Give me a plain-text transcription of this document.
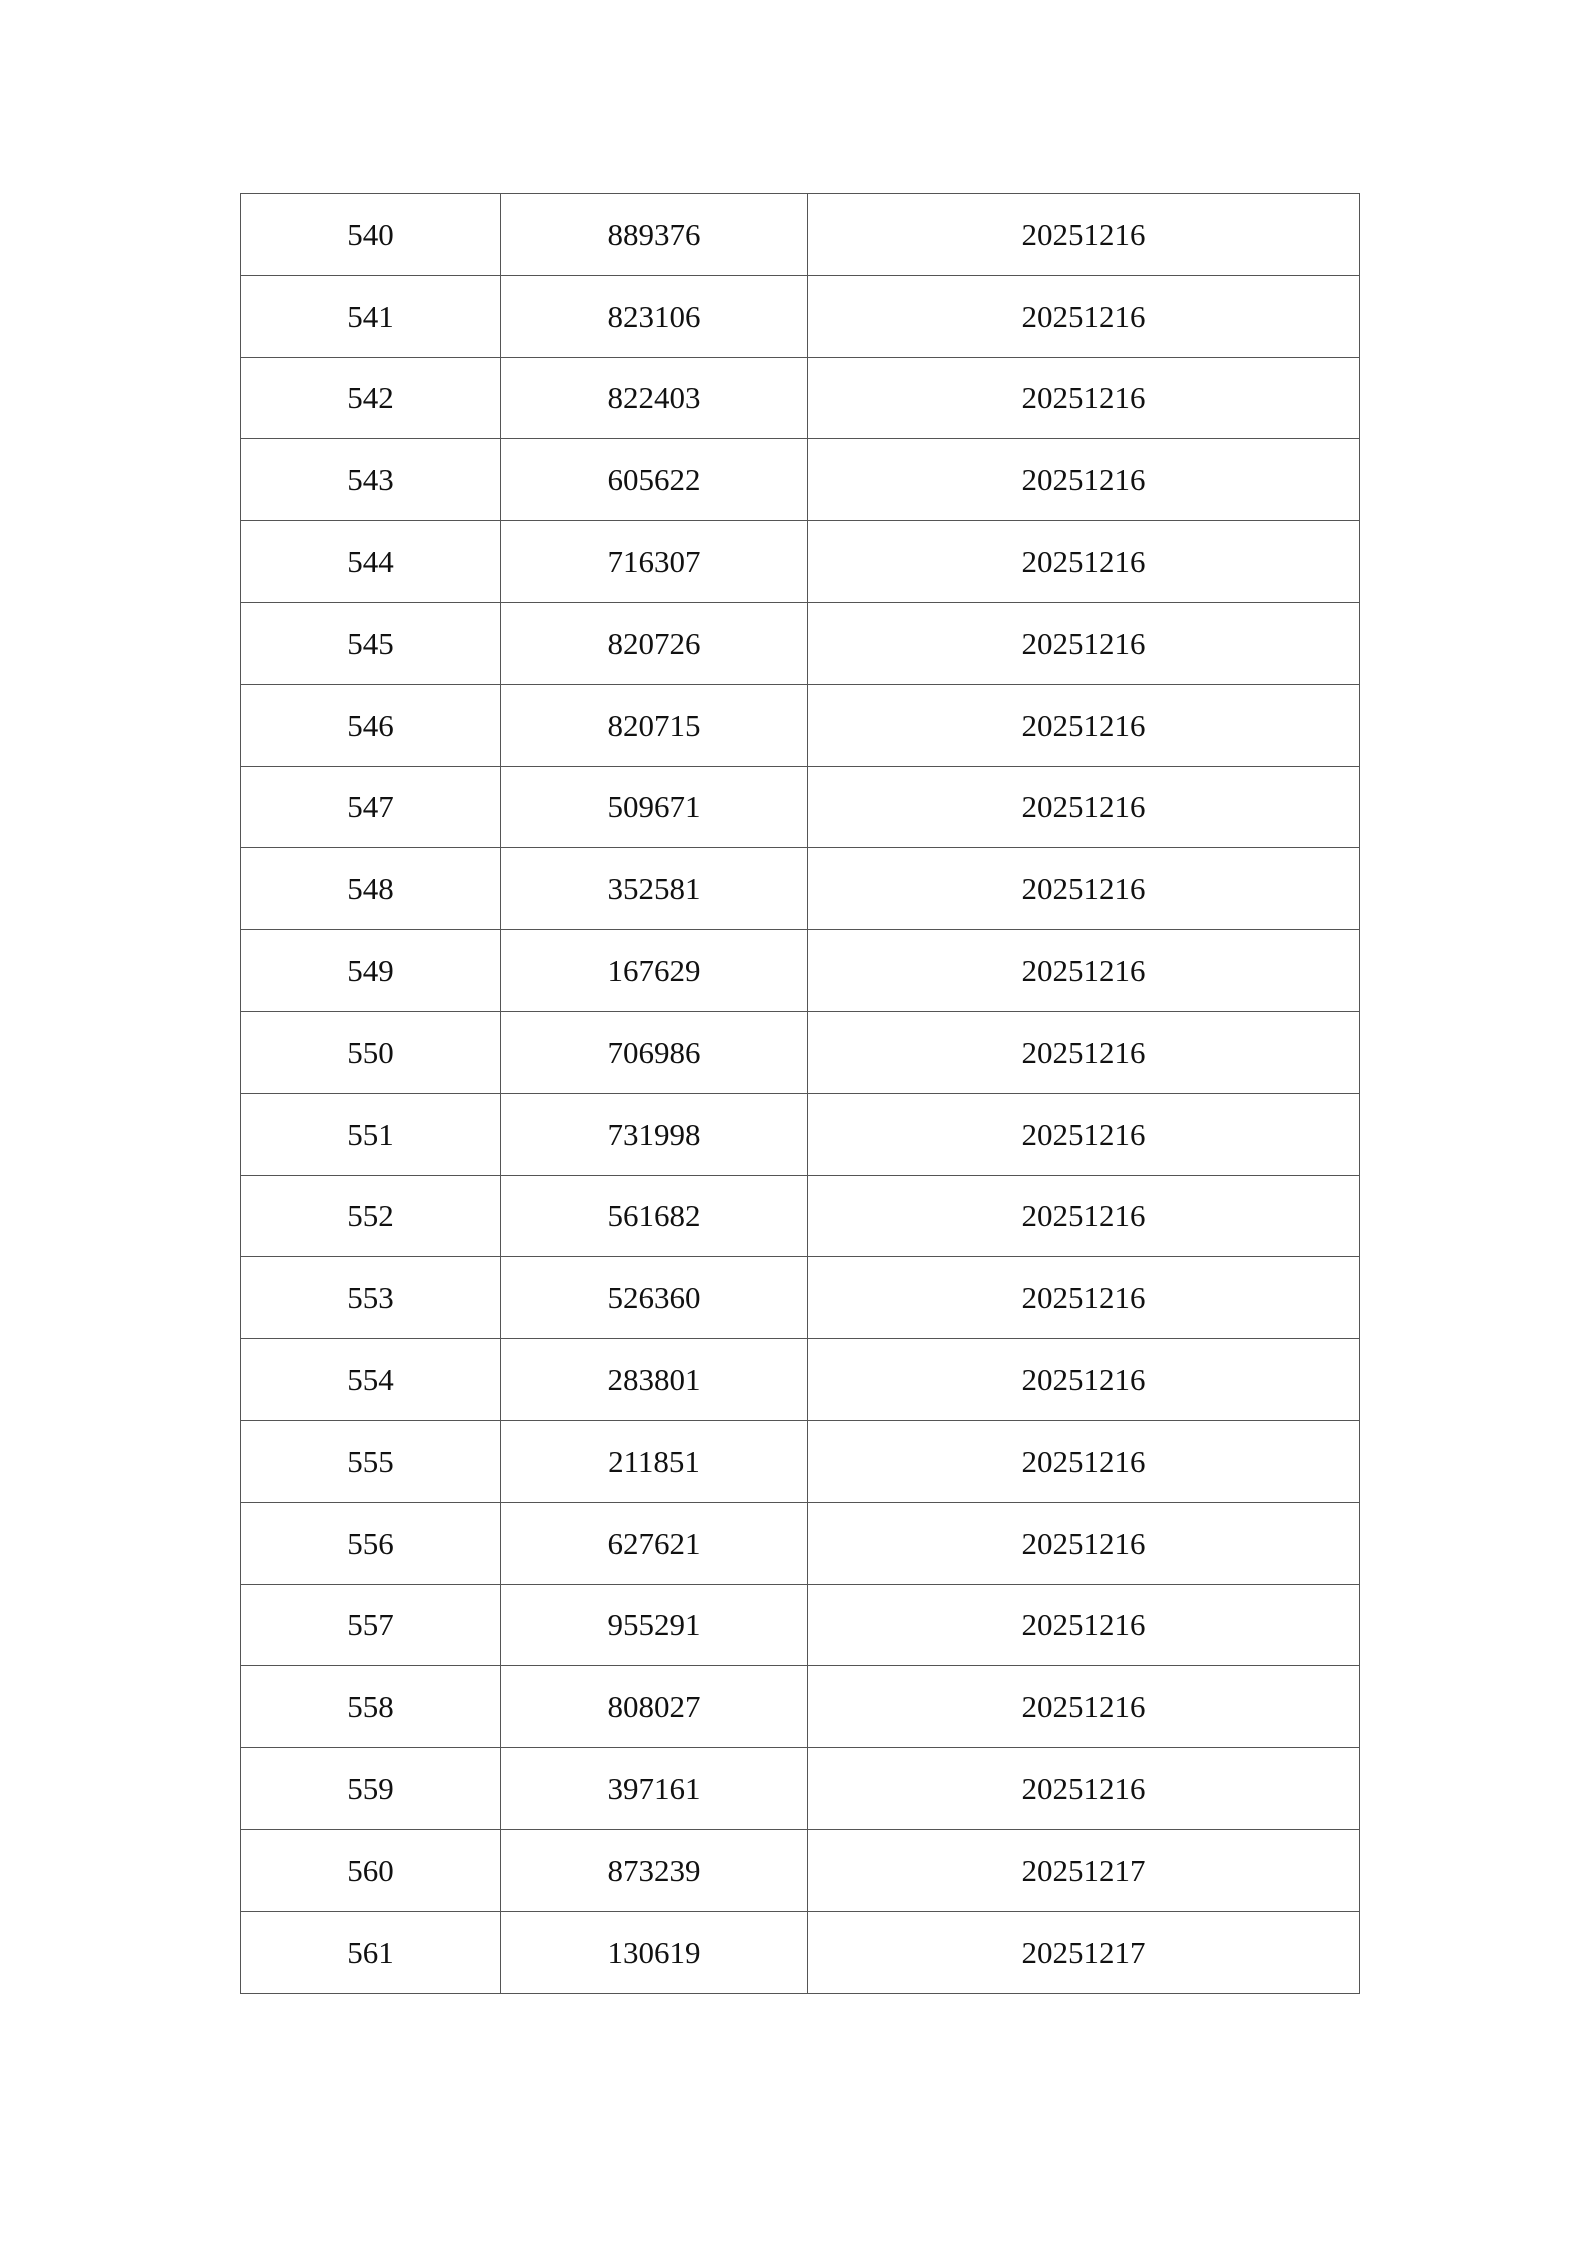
540	889376	20251216
541	823106	20251216
542	822403	20251216
543	605622	20251216
544	716307	20251216
545	820726	20251216
546	820715	20251216
547	509671	20251216
548	352581	20251216
549	167629	20251216
550	706986	20251216
551	731998	20251216
552	561682	20251216
553	526360	20251216
554	283801	20251216
555	211851	20251216
556	627621	20251216
557	955291	20251216
558	808027	20251216
559	397161	20251216
560	873239	20251217
561	130619	20251217
